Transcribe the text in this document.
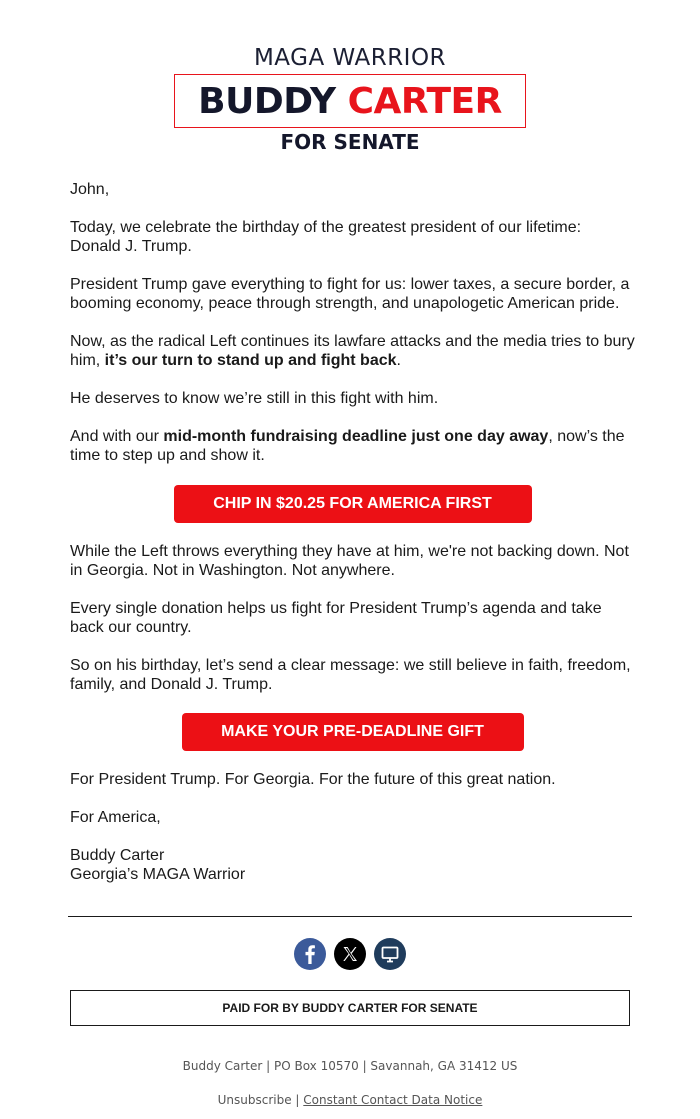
MAGA WARRIOR
BUDDY CARTER
FOR SENATE

John,

Today, we celebrate the birthday of the greatest president of our lifetime: Donald J. Trump.

President Trump gave everything to fight for us: lower taxes, a secure border, a booming economy, peace through strength, and unapologetic American pride.

Now, as the radical Left continues its lawfare attacks and the media tries to bury him, it’s our turn to stand up and fight back.

He deserves to know we’re still in this fight with him.

And with our mid-month fundraising deadline just one day away, now’s the time to step up and show it.

CHIP IN $20.25 FOR AMERICA FIRST

While the Left throws everything they have at him, we're not backing down. Not in Georgia. Not in Washington. Not anywhere.

Every single donation helps us fight for President Trump’s agenda and take back our country.

So on his birthday, let’s send a clear message: we still believe in faith, freedom, family, and Donald J. Trump.

MAKE YOUR PRE-DEADLINE GIFT

For President Trump. For Georgia. For the future of this great nation.

For America,

Buddy Carter
Georgia’s MAGA Warrior

PAID FOR BY BUDDY CARTER FOR SENATE
Buddy Carter | PO Box 10570 | Savannah, GA 31412 US
Unsubscribe | Constant Contact Data Notice
